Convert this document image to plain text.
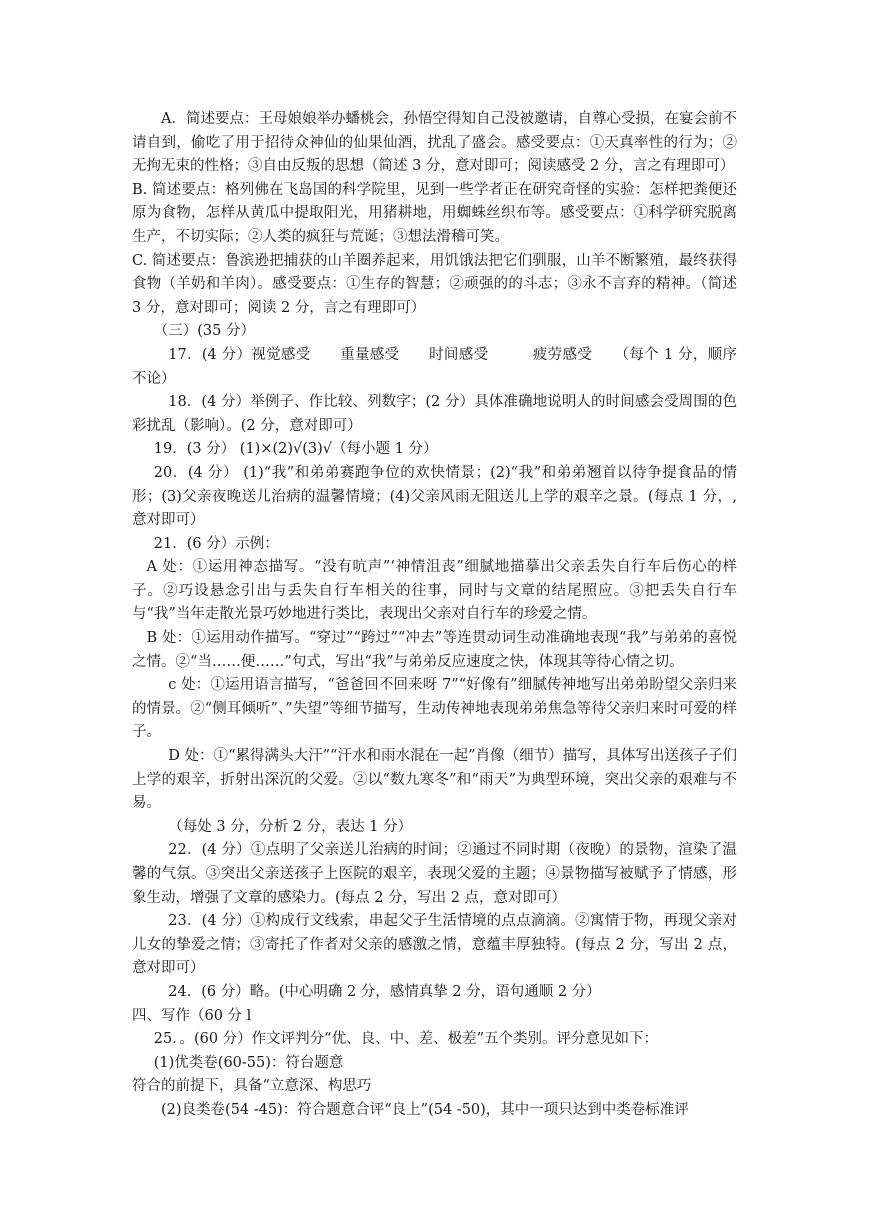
A．简述要点：王母娘娘举办蟠桃会，孙悟空得知自己没被邀请，自尊心受损，在宴会前不请自到，偷吃了用于招待众神仙的仙果仙酒，扰乱了盛会。感受要点：①天真率性的行为；②无拘无束的性格；③自由反叛的思想（简述 3 分，意对即可；阅读感受 2 分，言之有理即可）

B. 简述要点：格列佛在飞岛国的科学院里，见到一些学者正在研究奇怪的实验：怎样把粪便还原为食物，怎样从黄瓜中提取阳光，用猪耕地，用蜘蛛丝织布等。感受要点：①科学研究脱离生产，不切实际；②人类的疯狂与荒诞；③想法滑稽可笑。

C. 简述要点：鲁滨逊把捕获的山羊圈养起来，用饥饿法把它们驯服，山羊不断繁殖，最终获得食物（羊奶和羊肉）。感受要点：①生存的智慧；②顽强的的斗志；③永不言弃的精神。（简述 3 分，意对即可；阅读 2 分，言之有理即可）

（三）(35 分）

17．(4 分）视觉感受　　重量感受　　时间感受　　　疲劳感受　　（每个 1 分，顺序不论）

18．(4 分）举例子、作比较、列数字；(2 分）具体准确地说明人的时间感会受周围的色彩扰乱（影响）。(2 分，意对即可）

19．(3 分） (1)×(2)√(3)√（每小题 1 分）

20．(4 分） (1)“我”和弟弟赛跑争位的欢快情景；(2)“我”和弟弟翘首以待争提食品的情形；(3)父亲夜晚送儿治病的温馨情境；(4)父亲风雨无阻送儿上学的艰辛之景。(每点 1 分，,意对即可）

21．(6 分）示例：

A 处：①运用神态描写。“没有吭声”‘神情沮丧”细腻地描摹出父亲丢失自行车后伤心的样子。②巧设悬念引出与丢失自行车相关的往事，同时与文章的结尾照应。③把丢失自行车与“我”当年走散光景巧妙地进行类比，表现出父亲对自行车的珍爱之情。

B 处：①运用动作描写。“穿过”“跨过”“冲去”等连贯动词生动准确地表现“我”与弟弟的喜悦之情。②“当……便……”句式，写出“我”与弟弟反应速度之快，体现其等待心情之切。

c 处：①运用语言描写，“爸爸回不回来呀 7”“好像有”细腻传神地写出弟弟盼望父亲归来的情景。②“侧耳倾听”、”失望”等细节描写，生动传神地表现弟弟焦急等待父亲归来时可爱的样子。

D 处：①“累得满头大汗”“汗水和雨水混在一起”肖像（细节）描写，具体写出送孩子子们上学的艰辛，折射出深沉的父爱。②以“数九寒冬”和“雨天”为典型环境，突出父亲的艰难与不易。

（每处 3 分，分析 2 分，表达 1 分）

22．(4 分）①点明了父亲送儿治病的时间；②通过不同时期（夜晚）的景物，渲染了温馨的气氛。③突出父亲送孩子上医院的艰辛，表现父爱的主题；④景物描写被赋予了情感，形象生动，增强了文章的感染力。(每点 2 分，写出 2 点，意对即可）

23．(4 分）①构成行文线索，串起父子生活情境的点点滴滴。②寓情于物，再现父亲对儿女的挚爱之情；③寄托了作者对父亲的感激之情，意蕴丰厚独特。(每点 2 分，写出 2 点，意对即可）

24．(6 分）略。(中心明确 2 分，感情真挚 2 分，语句通顺 2 分）

四、写作（60 分 l

25．。(60 分）作文评判分“优、良、中、差、极差”五个类别。评分意见如下：

(1)优类卷(60-55)：符台题意

符合的前提下，具备“立意深、构思巧

(2)良类卷(54 -45)：符合题意合评“良上”(54 -50)，其中一项只达到中类卷标准评
